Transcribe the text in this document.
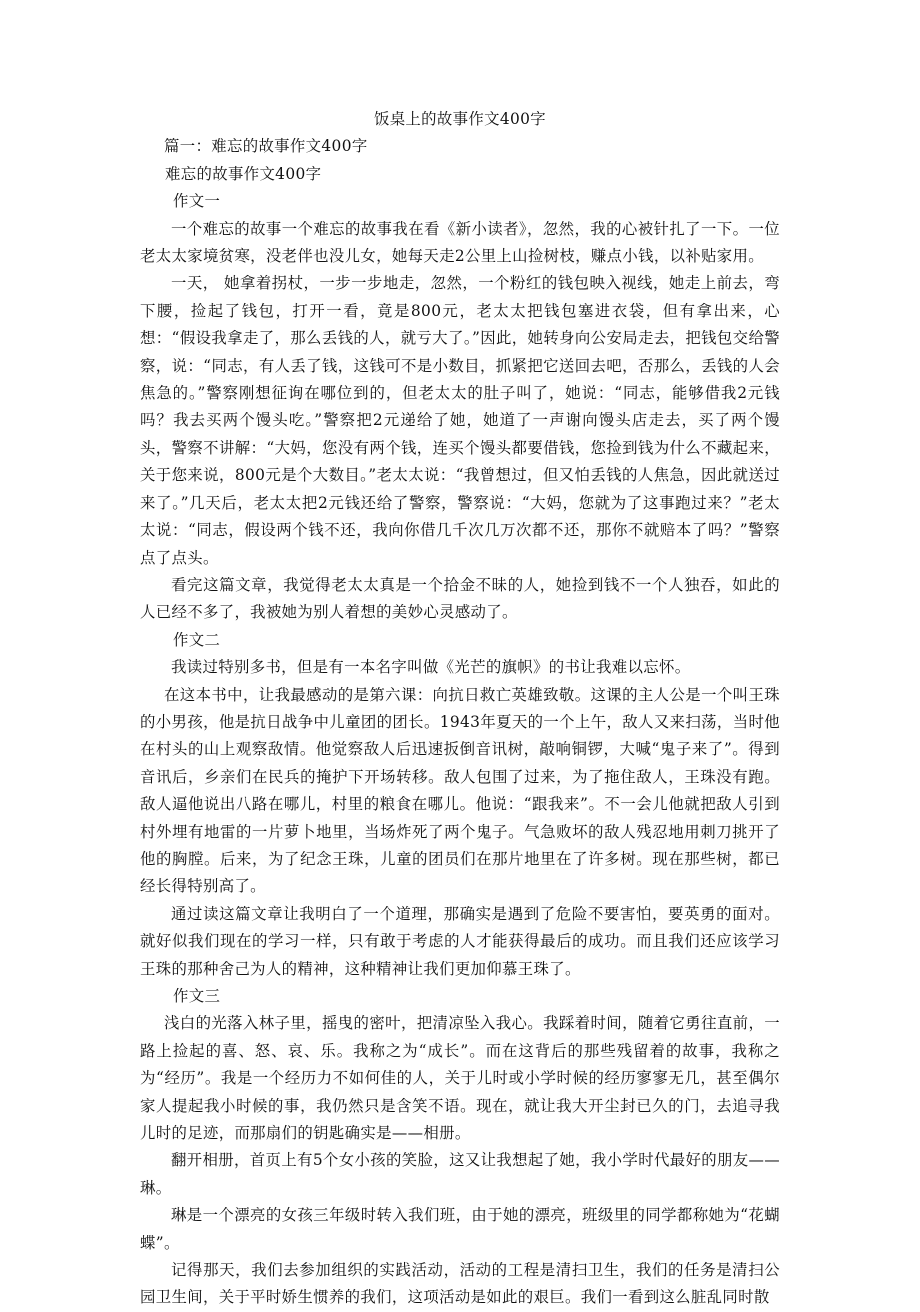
饭桌上的故事作文400字

篇一：难忘的故事作文400字

难忘的故事作文400字

作文一

一个难忘的故事一个难忘的故事我在看《新小读者》，忽然，我的心被针扎了一下。一位老太太家境贫寒，没老伴也没儿女，她每天走2公里上山捡树枝，赚点小钱，以补贴家用。

一天， 她拿着拐杖，一步一步地走，忽然，一个粉红的钱包映入视线，她走上前去，弯下腰，捡起了钱包，打开一看，竟是800元，老太太把钱包塞进衣袋，但有拿出来，心想：“假设我拿走了，那么丢钱的人，就亏大了。”因此，她转身向公安局走去，把钱包交给警察，说：“同志，有人丢了钱，这钱可不是小数目，抓紧把它送回去吧，否那么，丢钱的人会焦急的。”警察刚想征询在哪位到的，但老太太的肚子叫了，她说：“同志，能够借我2元钱吗？我去买两个馒头吃。”警察把2元递给了她，她道了一声谢向馒头店走去，买了两个馒头，警察不讲解：“大妈，您没有两个钱，连买个馒头都要借钱，您捡到钱为什么不藏起来，关于您来说，800元是个大数目。”老太太说：“我曾想过，但又怕丢钱的人焦急，因此就送过来了。”几天后，老太太把2元钱还给了警察，警察说：“大妈，您就为了这事跑过来？”老太太说：“同志，假设两个钱不还，我向你借几千次几万次都不还，那你不就赔本了吗？”警察点了点头。

看完这篇文章，我觉得老太太真是一个拾金不昧的人，她捡到钱不一个人独吞，如此的人已经不多了，我被她为别人着想的美妙心灵感动了。

作文二

我读过特别多书，但是有一本名字叫做《光芒的旗帜》的书让我难以忘怀。

在这本书中，让我最感动的是第六课：向抗日救亡英雄致敬。这课的主人公是一个叫王珠的小男孩，他是抗日战争中儿童团的团长。1943年夏天的一个上午，敌人又来扫荡，当时他在村头的山上观察敌情。他觉察敌人后迅速扳倒音讯树，敲响铜锣，大喊“鬼子来了”。得到音讯后，乡亲们在民兵的掩护下开场转移。敌人包围了过来，为了拖住敌人，王珠没有跑。敌人逼他说出八路在哪儿，村里的粮食在哪儿。他说：“跟我来”。不一会儿他就把敌人引到村外埋有地雷的一片萝卜地里，当场炸死了两个鬼子。气急败坏的敌人残忍地用刺刀挑开了他的胸膛。后来，为了纪念王珠，儿童的团员们在那片地里在了许多树。现在那些树，都已经长得特别高了。

通过读这篇文章让我明白了一个道理，那确实是遇到了危险不要害怕，要英勇的面对。就好似我们现在的学习一样，只有敢于考虑的人才能获得最后的成功。而且我们还应该学习王珠的那种舍己为人的精神，这种精神让我们更加仰慕王珠了。

作文三

浅白的光落入林子里，摇曳的密叶，把清凉坠入我心。我踩着时间，随着它勇往直前，一路上捡起的喜、怒、哀、乐。我称之为“成长”。而在这背后的那些残留着的故事，我称之为“经历”。我是一个经历力不如何佳的人，关于儿时或小学时候的经历寥寥无几，甚至偶尔家人提起我小时候的事，我仍然只是含笑不语。现在，就让我大开尘封已久的门，去追寻我儿时的足迹，而那扇们的钥匙确实是——相册。

翻开相册，首页上有5个女小孩的笑脸，这又让我想起了她，我小学时代最好的朋友——琳。

琳是一个漂亮的女孩三年级时转入我们班，由于她的漂亮，班级里的同学都称她为“花蝴蝶”。

记得那天，我们去参加组织的实践活动，活动的工程是清扫卫生，我们的任务是清扫公园卫生间，关于平时娇生惯养的我们，这项活动是如此的艰巨。我们一看到这么脏乱同时散
